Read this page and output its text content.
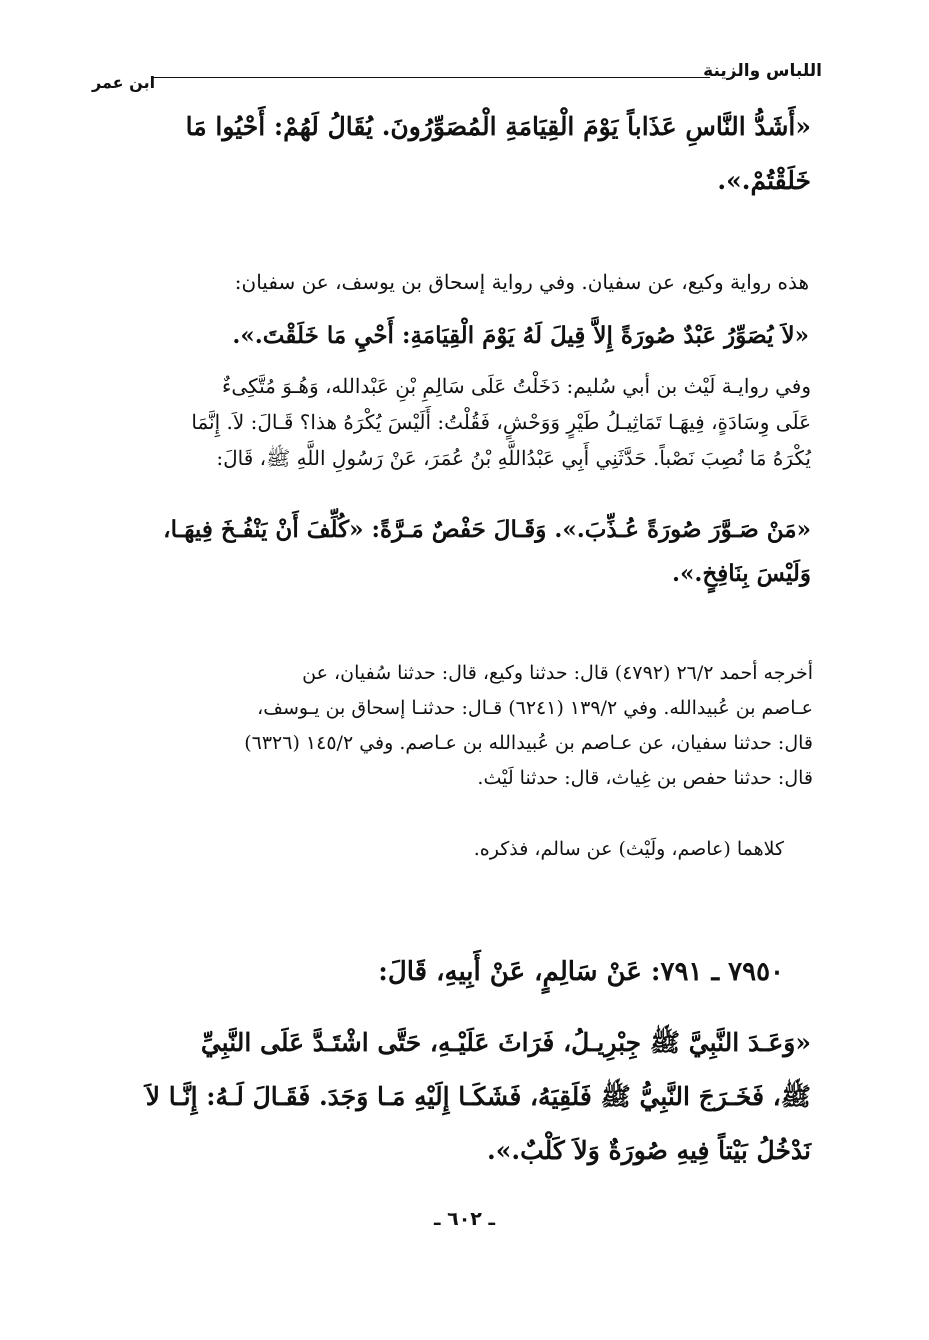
اللباس والزينة
ابن عمر
«أَشَدُّ النَّاسِ عَذَاباً يَوْمَ الْقِيَامَةِ الْمُصَوِّرُونَ. يُقَالُ لَهُمْ: أَحْيُوا مَا
خَلَقْتُمْ.».
هذه رواية وكيع، عن سفيان. وفي رواية إسحاق بن يوسف، عن سفيان:
«لاَ يُصَوِّرُ عَبْدٌ صُورَةً إِلاَّ قِيلَ لَهُ يَوْمَ الْقِيَامَةِ: أَحْيِ مَا خَلَقْتَ.».
وفي روايـة لَيْث بن أبي سُليم: دَخَلْتُ عَلَى سَالِمِ بْنِ عَبْدالله، وَهُـوَ مُتَّكِىءٌ
عَلَى وِسَادَةٍ، فِيهَـا تَمَاثِيـلُ طَيْرٍ وَوَحْشٍ، فَقُلْتُ: أَلَيْسَ يُكْرَهُ هذا؟ قَـالَ: لاَ. إِنَّمَا
يُكْرَهُ مَا نُصِبَ نَصْباً. حَدَّثَنِي أَبِي عَبْدُاللَّهِ بْنُ عُمَرَ، عَنْ رَسُولِ اللَّهِ ﷺ، قَالَ:
«مَنْ صَـوَّرَ صُورَةً عُـذِّبَ.». وَقَـالَ حَفْصٌ مَـرَّةً: «كُلِّفَ أَنْ يَنْفُـخَ فِيهَـا،
وَلَيْسَ بِنَافِخٍ.».
أخرجه أحمد ٢٦/٢ (٤٧٩٢) قال: حدثنا وكيع، قال: حدثنا سُفيان، عن
عـاصم بن عُبيدالله. وفي ١٣٩/٢ (٦٢٤١) قـال: حدثنـا إسحاق بن يـوسف،
قال: حدثنا سفيان، عن عـاصم بن عُبيدالله بن عـاصم. وفي ١٤٥/٢ (٦٣٢٦)
قال: حدثنا حفص بن غِياث، قال: حدثنا لَيْث.
كلاهما (عاصم، ولَيْث) عن سالم، فذكره.
٧٩٥٠ ـ ٧٩١: عَنْ سَالِمٍ، عَنْ أَبِيهِ، قَالَ:
«وَعَـدَ النَّبِيَّ ﷺ جِبْرِيـلُ، فَرَاثَ عَلَيْـهِ، حَتَّى اشْتَـدَّ عَلَى النَّبِيِّ
ﷺ، فَخَـرَجَ النَّبِيُّ ﷺ فَلَقِيَهُ، فَشَكَـا إِلَيْهِ مَـا وَجَدَ. فَقَـالَ لَـهُ: إِنَّـا لاَ
نَدْخُلُ بَيْتاً فِيهِ صُورَةٌ وَلاَ كَلْبٌ.».
ـ ٦٠٢ ـ
